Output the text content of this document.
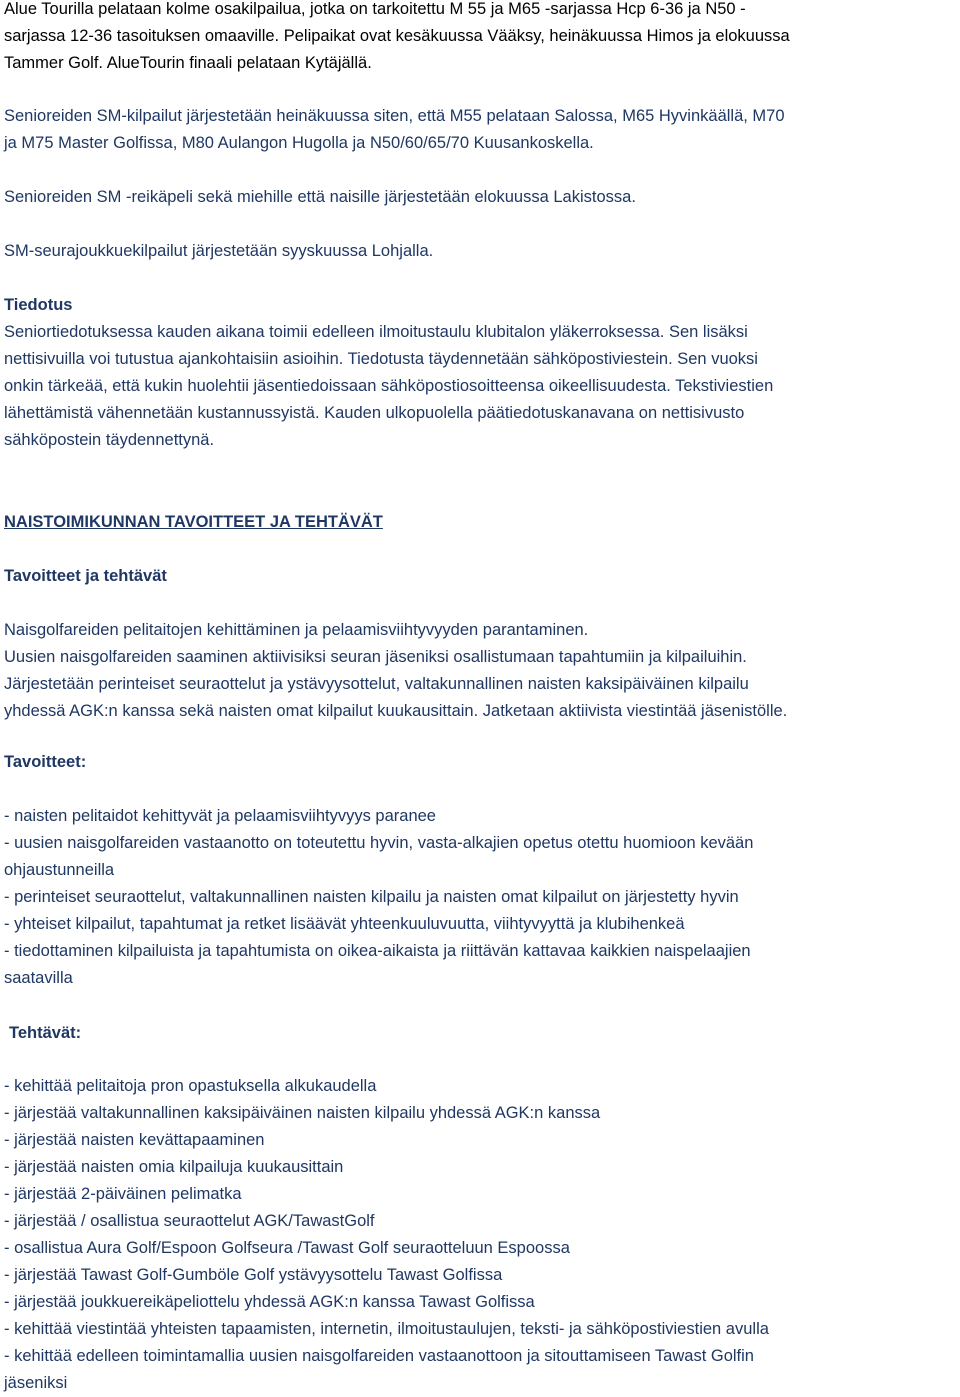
Alue Tourilla pelataan kolme osakilpailua, jotka on tarkoitettu M 55 ja M65 -sarjassa Hcp 6-36 ja N50 -

sarjassa 12-36 tasoituksen omaaville. Pelipaikat ovat kesäkuussa Vääksy, heinäkuussa Himos ja elokuussa

Tammer Golf. AlueTourin finaali pelataan Kytäjällä.

Senioreiden SM-kilpailut järjestetään heinäkuussa siten, että M55 pelataan Salossa, M65 Hyvinkäällä, M70

ja M75 Master Golfissa, M80 Aulangon Hugolla ja N50/60/65/70 Kuusankoskella.

Senioreiden SM -reikäpeli sekä miehille että naisille järjestetään elokuussa Lakistossa.

SM-seurajoukkuekilpailut järjestetään syyskuussa Lohjalla.

Tiedotus

Seniortiedotuksessa kauden aikana toimii edelleen ilmoitustaulu klubitalon yläkerroksessa. Sen lisäksi

nettisivuilla voi tutustua ajankohtaisiin asioihin. Tiedotusta täydennetään sähköpostiviestein. Sen vuoksi

onkin tärkeää, että kukin huolehtii jäsentiedoissaan sähköpostiosoitteensa oikeellisuudesta. Tekstiviestien

lähettämistä vähennetään kustannussyistä. Kauden ulkopuolella päätiedotuskanavana on nettisivusto

sähköpostein täydennettynä.

NAISTOIMIKUNNAN TAVOITTEET JA TEHTÄVÄT

Tavoitteet ja tehtävät

Naisgolfareiden pelitaitojen kehittäminen ja pelaamisviihtyvyyden parantaminen.

Uusien naisgolfareiden saaminen aktiivisiksi seuran jäseniksi osallistumaan tapahtumiin ja kilpailuihin.

Järjestetään perinteiset seuraottelut ja ystävyysottelut, valtakunnallinen naisten kaksipäiväinen kilpailu

yhdessä AGK:n kanssa sekä naisten omat kilpailut kuukausittain. Jatketaan aktiivista viestintää jäsenistölle.

Tavoitteet:

- naisten pelitaidot kehittyvät ja pelaamisviihtyvyys paranee

- uusien naisgolfareiden vastaanotto on toteutettu hyvin, vasta-alkajien opetus otettu huomioon kevään

ohjaustunneilla

- perinteiset seuraottelut, valtakunnallinen naisten kilpailu ja naisten omat kilpailut on järjestetty hyvin

- yhteiset kilpailut, tapahtumat ja retket lisäävät yhteenkuuluvuutta, viihtyvyyttä ja klubihenkeä

- tiedottaminen kilpailuista ja tapahtumista on oikea-aikaista ja riittävän kattavaa kaikkien naispelaajien

saatavilla

Tehtävät:

- kehittää pelitaitoja pron opastuksella alkukaudella

- järjestää valtakunnallinen kaksipäiväinen naisten kilpailu yhdessä AGK:n kanssa

- järjestää naisten kevättapaaminen

- järjestää naisten omia kilpailuja kuukausittain

- järjestää 2-päiväinen pelimatka

- järjestää / osallistua seuraottelut AGK/TawastGolf

- osallistua Aura Golf/Espoon Golfseura /Tawast Golf seuraotteluun Espoossa

- järjestää Tawast Golf-Gumböle Golf ystävyysottelu Tawast Golfissa

- järjestää joukkuereikäpeliottelu yhdessä AGK:n kanssa Tawast Golfissa

- kehittää viestintää yhteisten tapaamisten, internetin, ilmoitustaulujen, teksti- ja sähköpostiviestien avulla

- kehittää edelleen toimintamallia uusien naisgolfareiden vastaanottoon ja sitouttamiseen Tawast Golfin

jäseniksi
